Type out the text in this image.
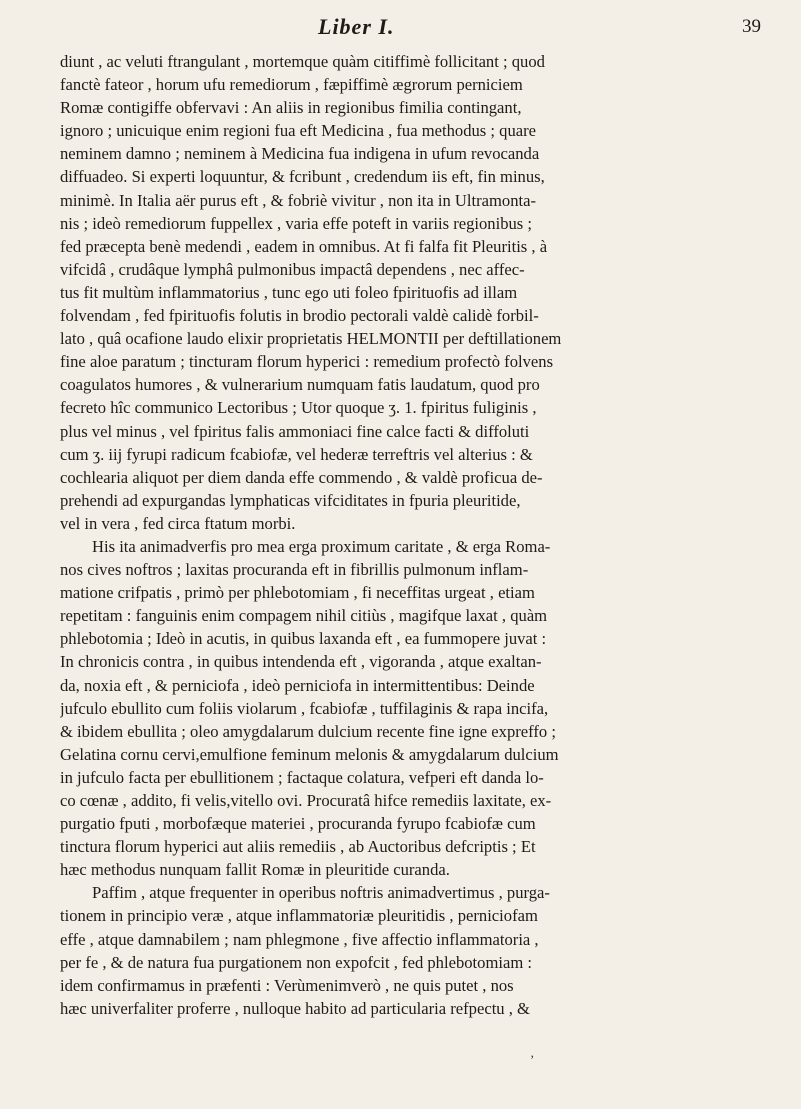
Liber I.	39
diunt , ac veluti ftrangulant , mortemque quàm citiffimè follicitant ; quod
fanctè fateor , horum ufu remediorum , fæpiffimè ægrorum perniciem
Romæ contigiffe obfervavi : An aliis in regionibus fimilia contingant,
ignoro ; unicuique enim regioni fua eft Medicina , fua methodus ; quare
neminem damno ; neminem à Medicina fua indigena in ufum revocanda
diffuadeo. Si experti loquuntur, & fcribunt , credendum iis eft, fin minus,
minimè. In Italia aër purus eft , & fobriè vivitur , non ita in Ultramonta-
nis ; ideò remediorum fuppellex , varia effe poteft in variis regionibus ;
fed præcepta benè medendi , eadem in omnibus. At fi falfa fit Pleuritis , à
vifcidâ , crudâque lymphâ pulmonibus impactâ dependens , nec affec-
tus fit multùm inflammatorius , tunc ego uti foleo fpirituofis ad illam
folvendam , fed fpirituofis folutis in brodio pectorali valdè calidè forbil-
lato , quâ ocafione laudo elixir proprietatis HELMONTII per deftillationem
fine aloe paratum ; tincturam florum hyperici : remedium profectò folvens
coagulatos humores , & vulnerarium numquam fatis laudatum, quod pro
fecreto hîc communico Lectoribus ; Utor quoque ʒ. 1. fpiritus fuliginis ,
plus vel minus , vel fpiritus falis ammoniaci fine calce facti & diffoluti
cum ʒ. iij fyrupi radicum fcabiofæ, vel hederæ terreftris vel alterius : &
cochlearia aliquot per diem danda effe commendo , & valdè proficua de-
prehendi ad expurgandas lymphaticas vifciditates in fpuria pleuritide,
vel in vera , fed circa ftatum morbi.
His ita animadverfis pro mea erga proximum caritate , & erga Roma-
nos cives noftros ; laxitas procuranda eft in fibrillis pulmonum inflam-
matione crifpatis , primò per phlebotomiam , fi neceffitas urgeat , etiam
repetitam : fanguinis enim compagem nihil citiùs , magifque laxat , quàm
phlebotomia ; Ideò in acutis, in quibus laxanda eft , ea fummopere juvat :
In chronicis contra , in quibus intendenda eft , vigoranda , atque exaltan-
da, noxia eft , & perniciofa , ideò perniciofa in intermittentibus: Deinde
jufculo ebullito cum foliis violarum , fcabiofæ , tuffilaginis & rapa incifa,
& ibidem ebullita ; oleo amygdalarum dulcium recente fine igne expreffo ;
Gelatina cornu cervi,emulfione feminum melonis & amygdalarum dulcium
in jufculo facta per ebullitionem ; factaque colatura, vefperi eft danda lo-
co cœnæ , addito, fi velis,vitello ovi. Procuratâ hifce remediis laxitate, ex-
purgatio fputi , morbofæque materiei , procuranda fyrupo fcabiofæ cum
tinctura florum hyperici aut aliis remediis , ab Auctoribus defcriptis ; Et
hæc methodus nunquam fallit Romæ in pleuritide curanda.
Paffim , atque frequenter in operibus noftris animadvertimus , purga-
tionem in principio veræ , atque inflammatoriæ pleuritidis , perniciofam
effe , atque damnabilem ; nam phlegmone , five affectio inflammatoria ,
per fe , & de natura fua purgationem non expofcit , fed phlebotomiam :
idem confirmamus in præfenti : Verùmenimverò , ne quis putet , nos
hæc univerfaliter proferre , nulloque habito ad particularia refpectu , &
ʼ
